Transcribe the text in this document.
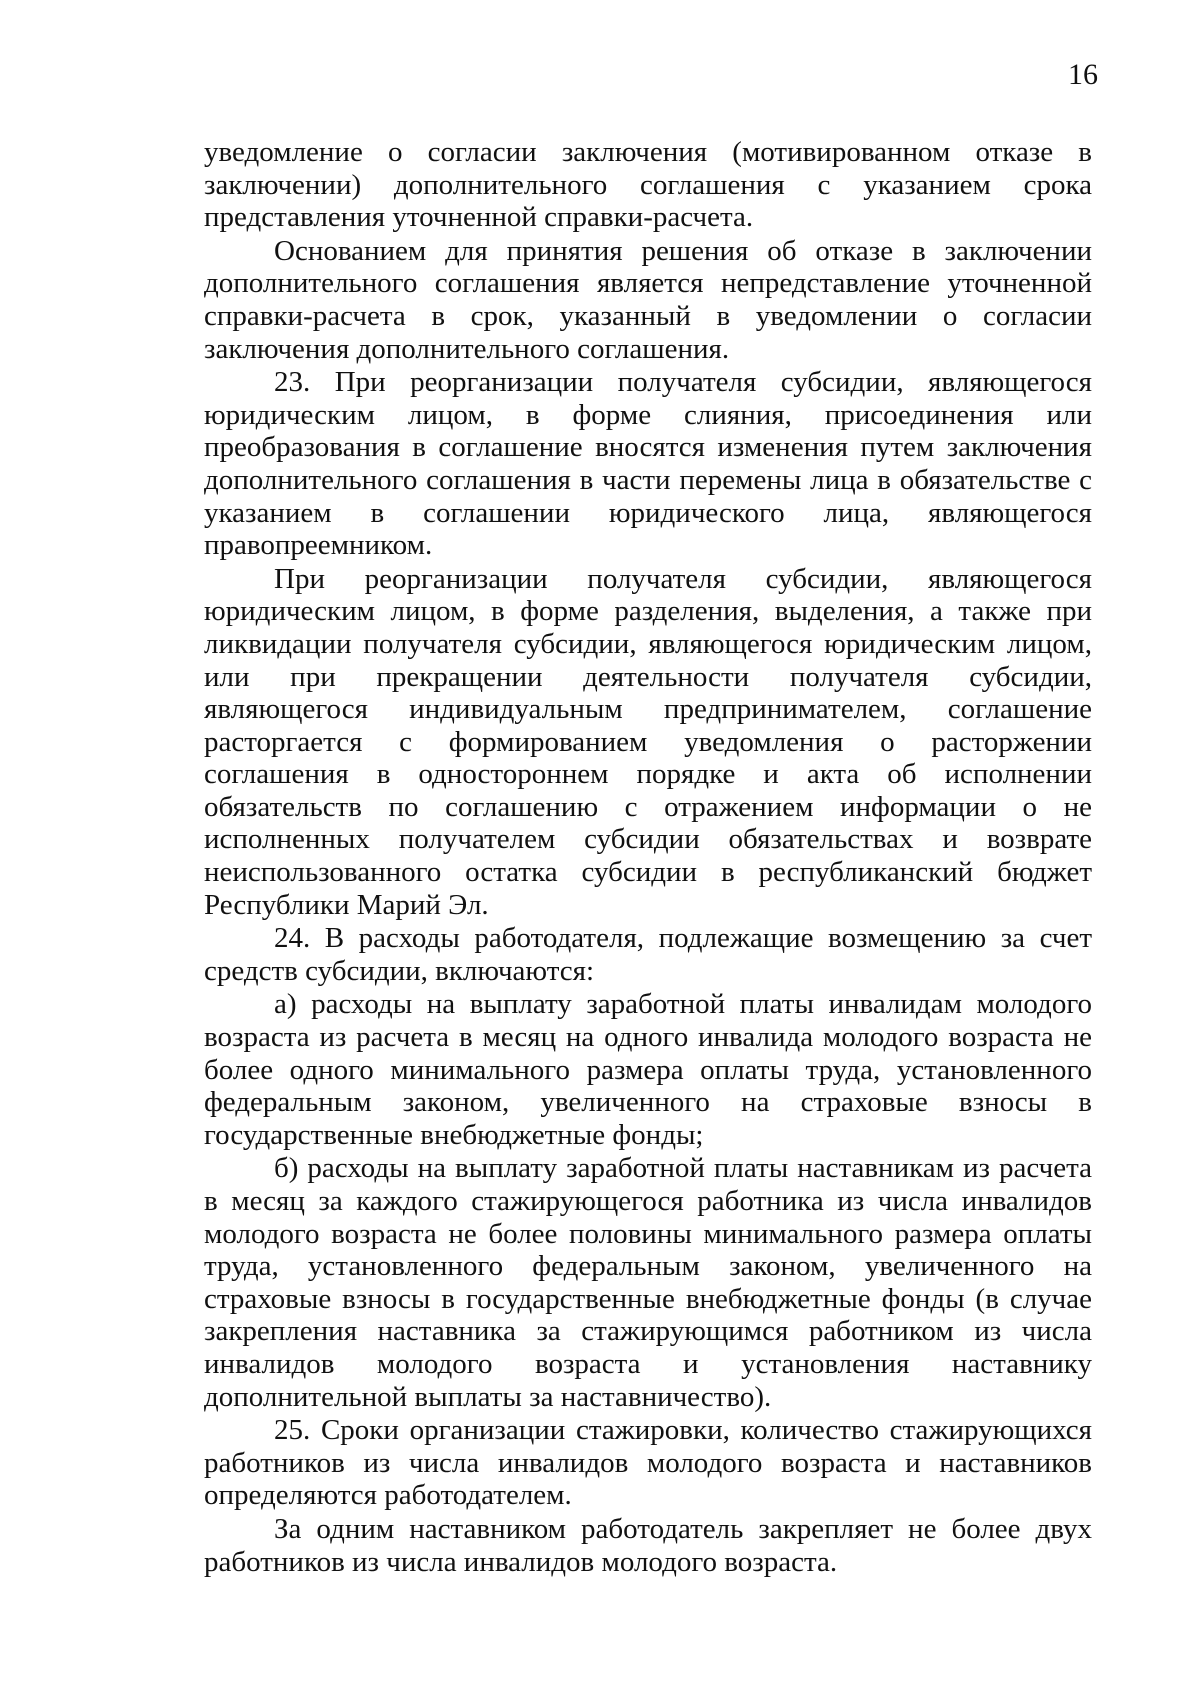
16

уведомление о согласии заключения (мотивированном отказе в заключении) дополнительного соглашения с указанием срока представления уточненной справки-расчета.

Основанием для принятия решения об отказе в заключении дополнительного соглашения является непредставление уточненной справки-расчета в срок, указанный в уведомлении о согласии заключения дополнительного соглашения.

23. При реорганизации получателя субсидии, являющегося юридическим лицом, в форме слияния, присоединения или преобразования в соглашение вносятся изменения путем заключения дополнительного соглашения в части перемены лица в обязательстве с указанием в соглашении юридического лица, являющегося правопреемником.

При реорганизации получателя субсидии, являющегося юридическим лицом, в форме разделения, выделения, а также при ликвидации получателя субсидии, являющегося юридическим лицом, или при прекращении деятельности получателя субсидии, являющегося индивидуальным предпринимателем, соглашение расторгается с формированием уведомления о расторжении соглашения в одностороннем порядке и акта об исполнении обязательств по соглашению с отражением информации о не исполненных получателем субсидии обязательствах и возврате неиспользованного остатка субсидии в республиканский бюджет Республики Марий Эл.

24. В расходы работодателя, подлежащие возмещению за счет средств субсидии, включаются:

а) расходы на выплату заработной платы инвалидам молодого возраста из расчета в месяц на одного инвалида молодого возраста не более одного минимального размера оплаты труда, установленного федеральным законом, увеличенного на страховые взносы в государственные внебюджетные фонды;

б) расходы на выплату заработной платы наставникам из расчета в месяц за каждого стажирующегося работника из числа инвалидов молодого возраста не более половины минимального размера оплаты труда, установленного федеральным законом, увеличенного на страховые взносы в государственные внебюджетные фонды (в случае закрепления наставника за стажирующимся работником из числа инвалидов молодого возраста и установления наставнику дополнительной выплаты за наставничество).

25. Сроки организации стажировки, количество стажирующихся работников из числа инвалидов молодого возраста и наставников определяются работодателем.

За одним наставником работодатель закрепляет не более двух работников из числа инвалидов молодого возраста.
